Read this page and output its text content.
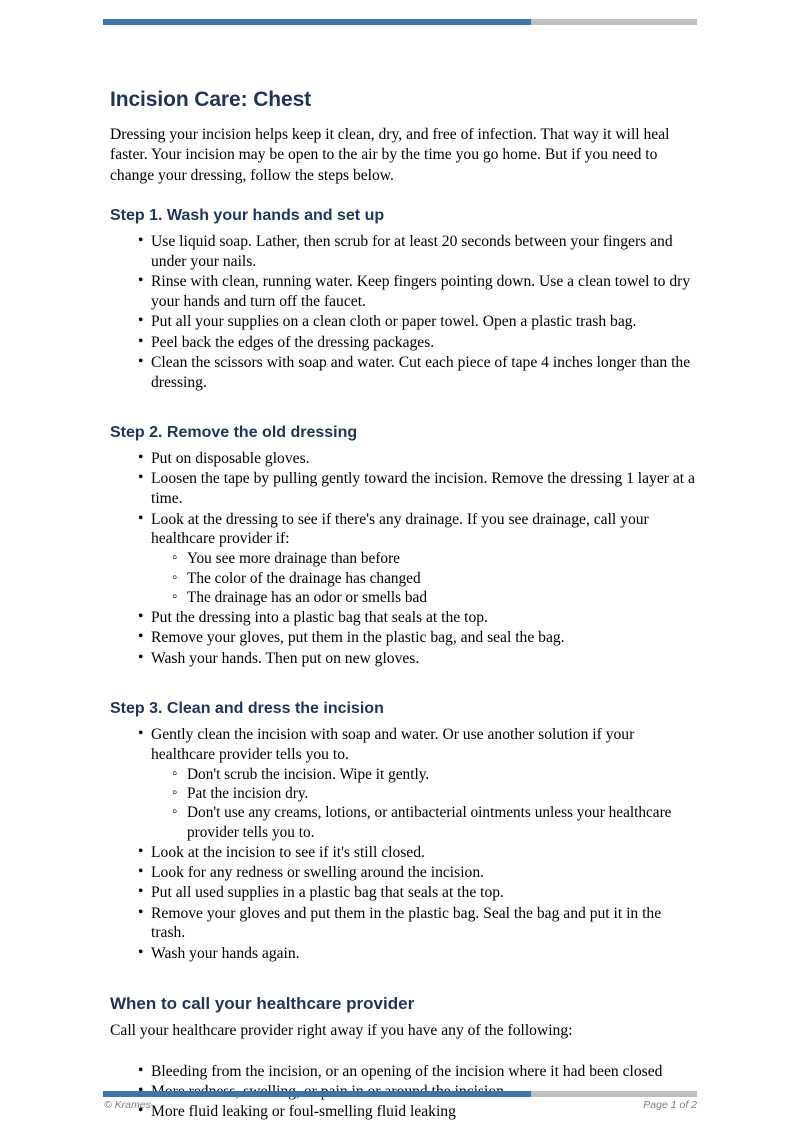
Incision Care: Chest

Dressing your incision helps keep it clean, dry, and free of infection. That way it will heal faster. Your incision may be open to the air by the time you go home. But if you need to change your dressing, follow the steps below.

Step 1. Wash your hands and set up
• Use liquid soap. Lather, then scrub for at least 20 seconds between your fingers and under your nails.
• Rinse with clean, running water. Keep fingers pointing down. Use a clean towel to dry your hands and turn off the faucet.
• Put all your supplies on a clean cloth or paper towel. Open a plastic trash bag.
• Peel back the edges of the dressing packages.
• Clean the scissors with soap and water. Cut each piece of tape 4 inches longer than the dressing.
Step 2. Remove the old dressing
• Put on disposable gloves.
• Loosen the tape by pulling gently toward the incision. Remove the dressing 1 layer at a time.
• Look at the dressing to see if there's any drainage. If you see drainage, call your healthcare provider if:
◦ You see more drainage than before
◦ The color of the drainage has changed
◦ The drainage has an odor or smells bad
• Put the dressing into a plastic bag that seals at the top.
• Remove your gloves, put them in the plastic bag, and seal the bag.
• Wash your hands. Then put on new gloves.
Step 3. Clean and dress the incision
• Gently clean the incision with soap and water. Or use another solution if your healthcare provider tells you to.
◦ Don't scrub the incision. Wipe it gently.
◦ Pat the incision dry.
◦ Don't use any creams, lotions, or antibacterial ointments unless your healthcare provider tells you to.
• Look at the incision to see if it's still closed.
• Look for any redness or swelling around the incision.
• Put all used supplies in a plastic bag that seals at the top.
• Remove your gloves and put them in the plastic bag. Seal the bag and put it in the trash.
• Wash your hands again.
When to call your healthcare provider

Call your healthcare provider right away if you have any of the following:

• Bleeding from the incision, or an opening of the incision where it had been closed
•
• More fluid leaking or foul-smelling fluid leaking
© Krames	Page 1 of 2
